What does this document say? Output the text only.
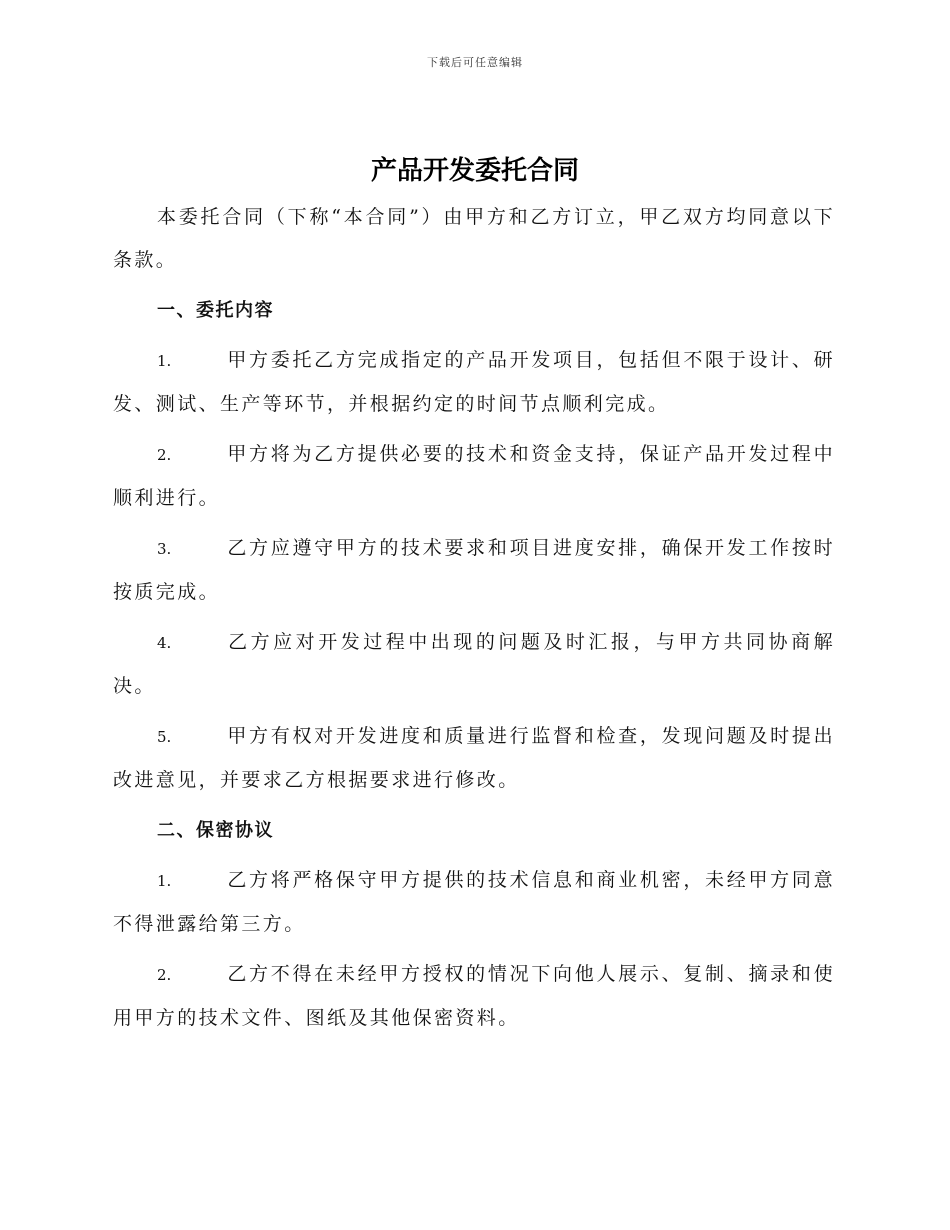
下载后可任意编辑
产品开发委托合同

本委托合同（下称“本合同”）由甲方和乙方订立，甲乙双方均同意以下条款。

一、委托内容

1.	甲方委托乙方完成指定的产品开发项目，包括但不限于设计、研发、测试、生产等环节，并根据约定的时间节点顺利完成。

2.	甲方将为乙方提供必要的技术和资金支持，保证产品开发过程中顺利进行。

3.	乙方应遵守甲方的技术要求和项目进度安排，确保开发工作按时按质完成。

4.	乙方应对开发过程中出现的问题及时汇报，与甲方共同协商解决。

5.	甲方有权对开发进度和质量进行监督和检查，发现问题及时提出改进意见，并要求乙方根据要求进行修改。

二、保密协议

1.	乙方将严格保守甲方提供的技术信息和商业机密，未经甲方同意不得泄露给第三方。

2.	乙方不得在未经甲方授权的情况下向他人展示、复制、摘录和使用甲方的技术文件、图纸及其他保密资料。
